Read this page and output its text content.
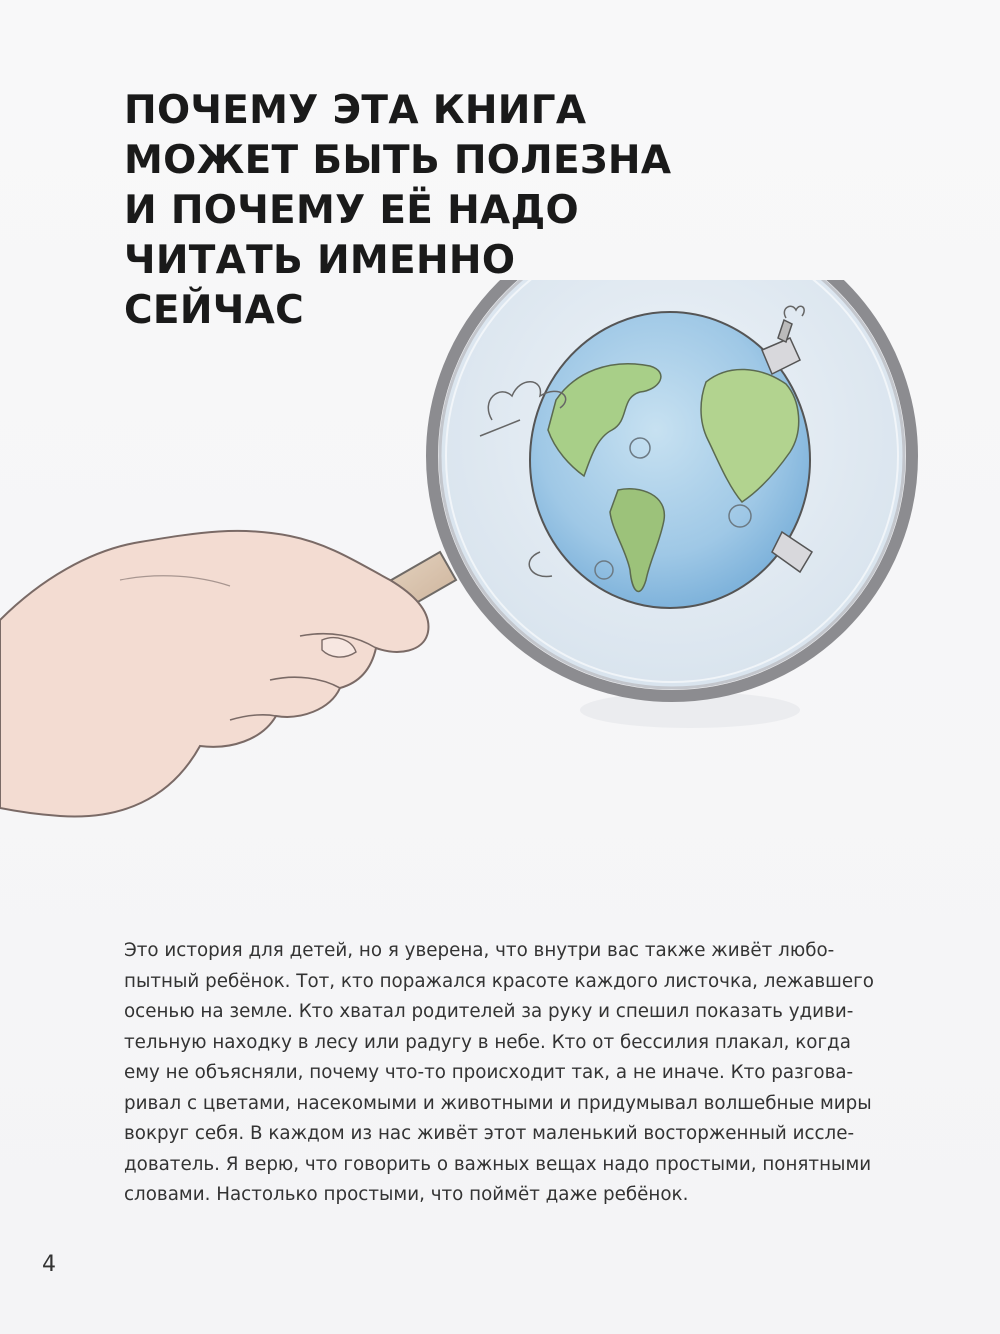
ПОЧЕМУ ЭТА КНИГА
МОЖЕТ БЫТЬ ПОЛЕЗНА
И ПОЧЕМУ ЕЁ НАДО
ЧИТАТЬ ИМЕННО
СЕЙЧАС

Это история для детей, но я уверена, что внутри вас также живёт любо-
пытный ребёнок. Тот, кто поражался красоте каждого листочка, лежавшего
осенью на земле. Кто хватал родителей за руку и спешил показать удиви-
тельную находку в лесу или радугу в небе. Кто от бессилия плакал, когда
ему не объясняли, почему что-то происходит так, а не иначе. Кто разгова-
ривал с цветами, насекомыми и животными и придумывал волшебные миры
вокруг себя. В каждом из нас живёт этот маленький восторженный иссле-
дователь. Я верю, что говорить о важных вещах надо простыми, понятными
словами. Настолько простыми, что поймёт даже ребёнок.

4
